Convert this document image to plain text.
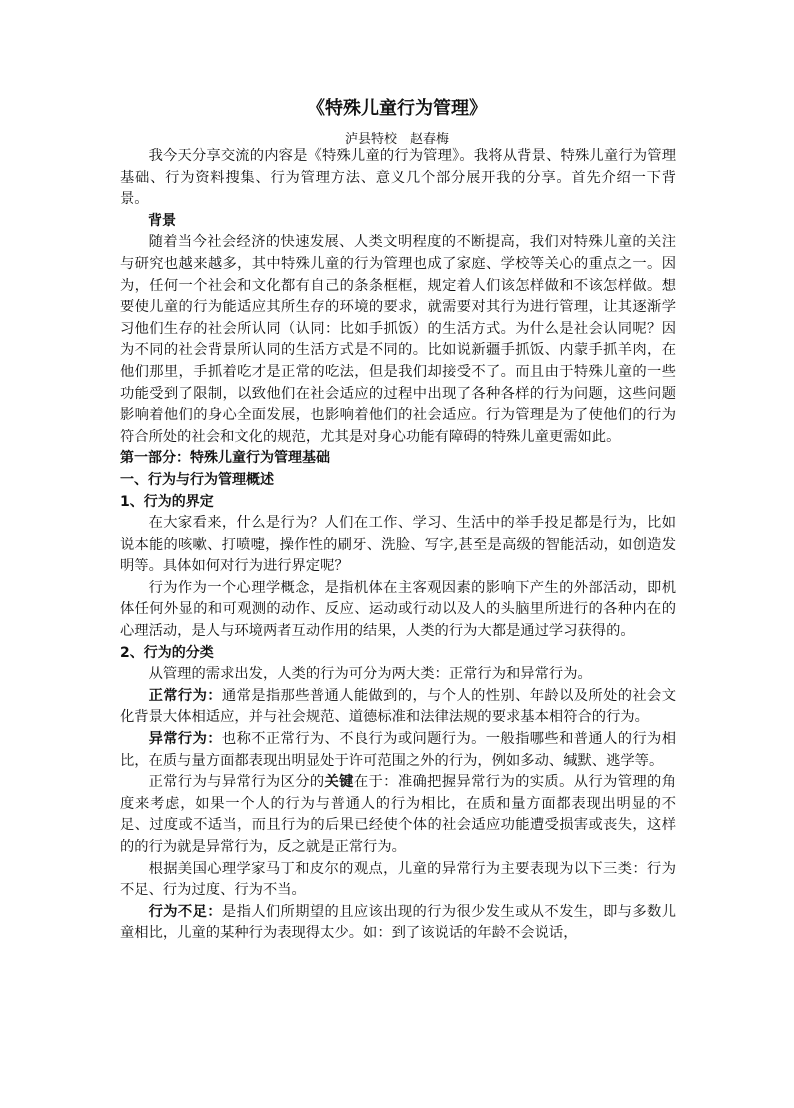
《特殊儿童行为管理》
泸县特校　赵春梅

我今天分享交流的内容是《特殊儿童的行为管理》。我将从背景、特殊儿童行为管理基础、行为资料搜集、行为管理方法、意义几个部分展开我的分享。首先介绍一下背景。

背景

随着当今社会经济的快速发展、人类文明程度的不断提高，我们对特殊儿童的关注与研究也越来越多，其中特殊儿童的行为管理也成了家庭、学校等关心的重点之一。因为，任何一个社会和文化都有自己的条条框框，规定着人们该怎样做和不该怎样做。想要使儿童的行为能适应其所生存的环境的要求，就需要对其行为进行管理，让其逐渐学习他们生存的社会所认同（认同：比如手抓饭）的生活方式。为什么是社会认同呢？因为不同的社会背景所认同的生活方式是不同的。比如说新疆手抓饭、内蒙手抓羊肉，在他们那里，手抓着吃才是正常的吃法，但是我们却接受不了。而且由于特殊儿童的一些功能受到了限制，以致他们在社会适应的过程中出现了各种各样的行为问题，这些问题影响着他们的身心全面发展，也影响着他们的社会适应。行为管理是为了使他们的行为符合所处的社会和文化的规范，尤其是对身心功能有障碍的特殊儿童更需如此。

第一部分：特殊儿童行为管理基础

一、行为与行为管理概述

1、行为的界定

在大家看来，什么是行为？人们在工作、学习、生活中的举手投足都是行为，比如说本能的咳嗽、打喷嚏，操作性的刷牙、洗脸、写字,甚至是高级的智能活动，如创造发明等。具体如何对行为进行界定呢？

行为作为一个心理学概念，是指机体在主客观因素的影响下产生的外部活动，即机体任何外显的和可观测的动作、反应、运动或行动以及人的头脑里所进行的各种内在的心理活动，是人与环境两者互动作用的结果，人类的行为大都是通过学习获得的。

2、行为的分类

从管理的需求出发，人类的行为可分为两大类：正常行为和异常行为。

正常行为：通常是指那些普通人能做到的，与个人的性别、年龄以及所处的社会文化背景大体相适应，并与社会规范、道德标准和法律法规的要求基本相符合的行为。

异常行为：也称不正常行为、不良行为或问题行为。一般指哪些和普通人的行为相比，在质与量方面都表现出明显处于许可范围之外的行为，例如多动、缄默、逃学等。

正常行为与异常行为区分的关键在于：准确把握异常行为的实质。从行为管理的角度来考虑，如果一个人的行为与普通人的行为相比，在质和量方面都表现出明显的不足、过度或不适当，而且行为的后果已经使个体的社会适应功能遭受损害或丧失，这样的的行为就是异常行为，反之就是正常行为。

根据美国心理学家马丁和皮尔的观点，儿童的异常行为主要表现为以下三类：行为不足、行为过度、行为不当。

行为不足：是指人们所期望的且应该出现的行为很少发生或从不发生，即与多数儿童相比，儿童的某种行为表现得太少。如：到了该说话的年龄不会说话，
